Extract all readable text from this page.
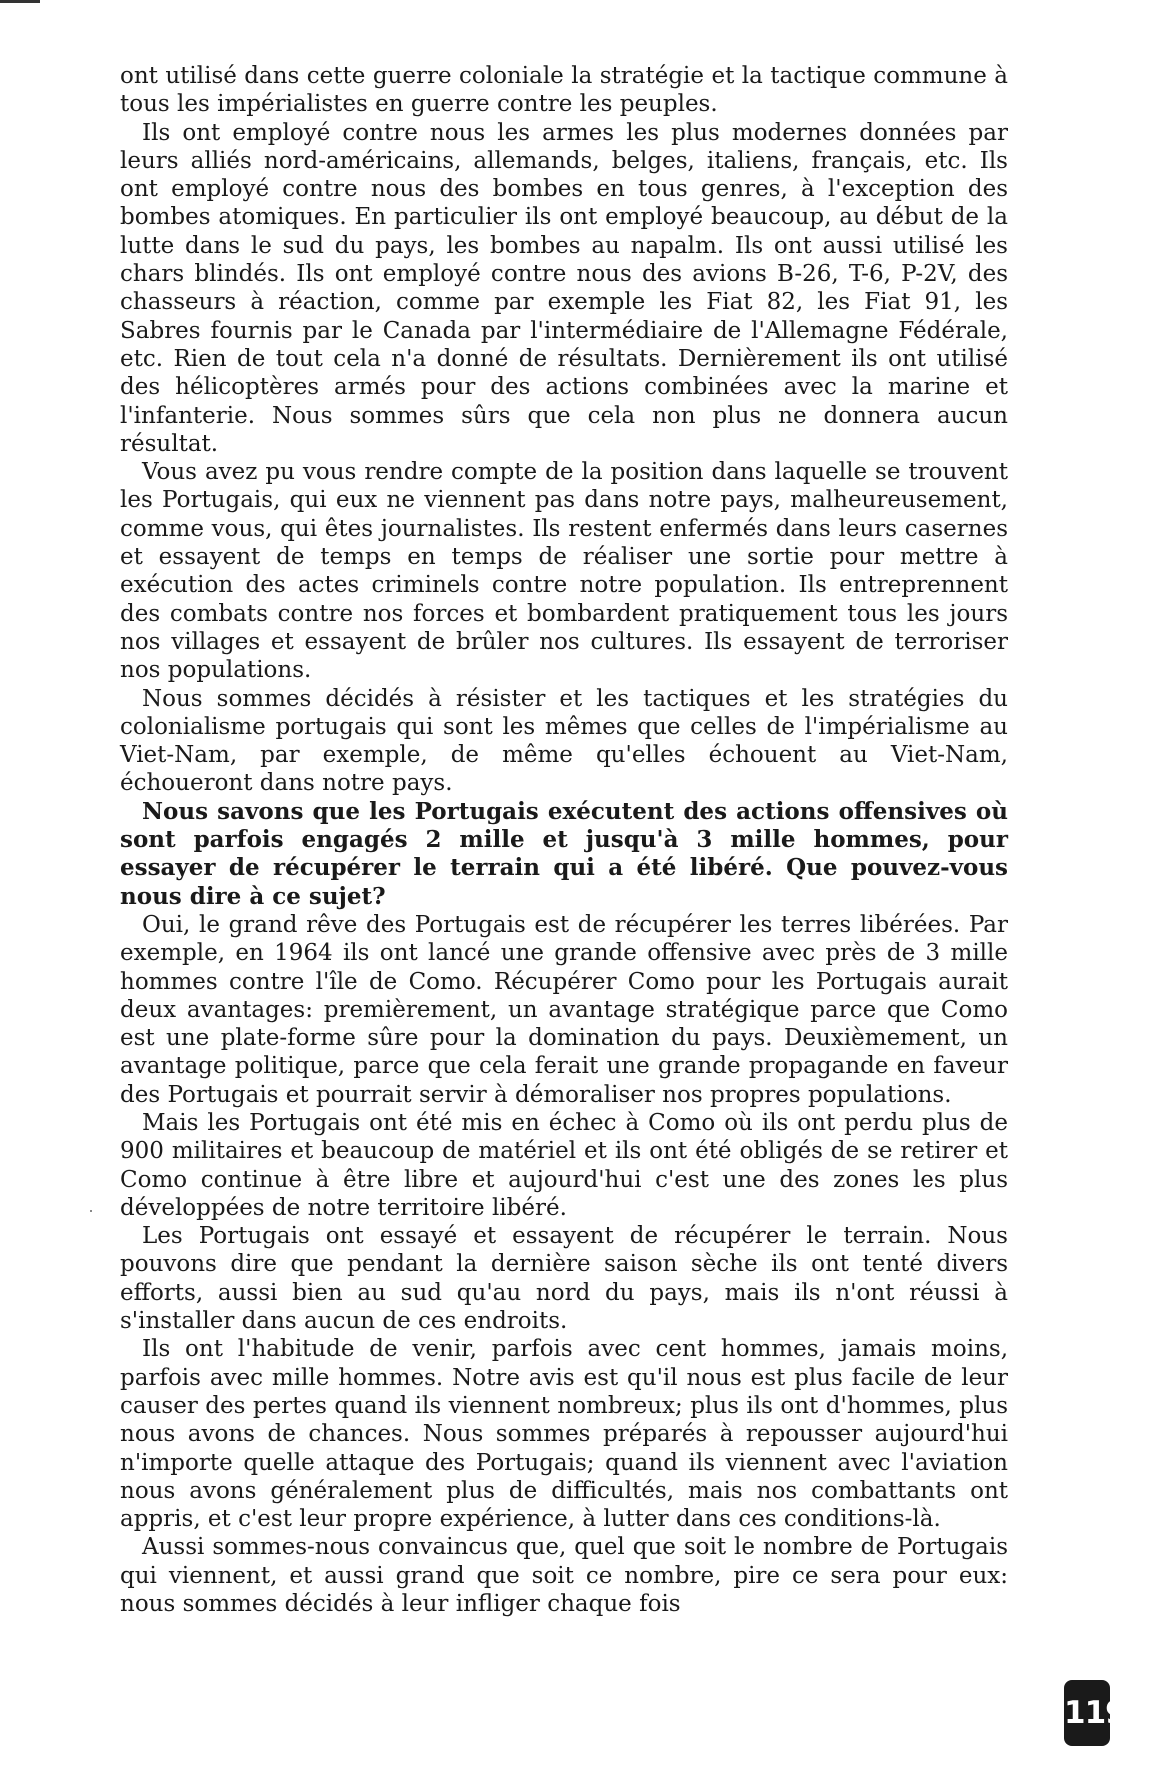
ont utilisé dans cette guerre coloniale la stratégie et la tactique commune à tous les impérialistes en guerre contre les peuples.

Ils ont employé contre nous les armes les plus modernes données par leurs alliés nord-américains, allemands, belges, italiens, français, etc. Ils ont employé contre nous des bombes en tous genres, à l'exception des bombes atomiques. En particulier ils ont employé beaucoup, au début de la lutte dans le sud du pays, les bombes au napalm. Ils ont aussi utilisé les chars blindés. Ils ont employé contre nous des avions B-26, T-6, P-2V, des chasseurs à réaction, comme par exemple les Fiat 82, les Fiat 91, les Sabres fournis par le Canada par l'intermédiaire de l'Allemagne Fédérale, etc. Rien de tout cela n'a donné de résultats. Dernièrement ils ont utilisé des hélicoptères armés pour des actions combinées avec la marine et l'infanterie. Nous sommes sûrs que cela non plus ne donnera aucun résultat.

Vous avez pu vous rendre compte de la position dans laquelle se trouvent les Portugais, qui eux ne viennent pas dans notre pays, malheureusement, comme vous, qui êtes journalistes. Ils restent enfermés dans leurs casernes et essayent de temps en temps de réaliser une sortie pour mettre à exécution des actes criminels contre notre population. Ils entreprennent des combats contre nos forces et bombardent pratiquement tous les jours nos villages et essayent de brûler nos cultures. Ils essayent de terroriser nos populations.

Nous sommes décidés à résister et les tactiques et les stratégies du colonialisme portugais qui sont les mêmes que celles de l'impérialisme au Viet-Nam, par exemple, de même qu'elles échouent au Viet-Nam, échoueront dans notre pays.

Nous savons que les Portugais exécutent des actions offensives où sont parfois engagés 2 mille et jusqu'à 3 mille hommes, pour essayer de récupérer le terrain qui a été libéré. Que pouvez-vous nous dire à ce sujet?

Oui, le grand rêve des Portugais est de récupérer les terres libérées. Par exemple, en 1964 ils ont lancé une grande offensive avec près de 3 mille hommes contre l'île de Como. Récupérer Como pour les Portugais aurait deux avantages: premièrement, un avantage stratégique parce que Como est une plate-forme sûre pour la domination du pays. Deuxièmement, un avantage politique, parce que cela ferait une grande propagande en faveur des Portugais et pourrait servir à démoraliser nos propres populations.

Mais les Portugais ont été mis en échec à Como où ils ont perdu plus de 900 militaires et beaucoup de matériel et ils ont été obligés de se retirer et Como continue à être libre et aujourd'hui c'est une des zones les plus développées de notre territoire libéré.

Les Portugais ont essayé et essayent de récupérer le terrain. Nous pouvons dire que pendant la dernière saison sèche ils ont tenté divers efforts, aussi bien au sud qu'au nord du pays, mais ils n'ont réussi à s'installer dans aucun de ces endroits.

Ils ont l'habitude de venir, parfois avec cent hommes, jamais moins, parfois avec mille hommes. Notre avis est qu'il nous est plus facile de leur causer des pertes quand ils viennent nombreux; plus ils ont d'hommes, plus nous avons de chances. Nous sommes préparés à repousser aujourd'hui n'importe quelle attaque des Portugais; quand ils viennent avec l'aviation nous avons généralement plus de difficultés, mais nos combattants ont appris, et c'est leur propre expérience, à lutter dans ces conditions-là.

Aussi sommes-nous convaincus que, quel que soit le nombre de Portugais qui viennent, et aussi grand que soit ce nombre, pire ce sera pour eux: nous sommes décidés à leur infliger chaque fois

119
